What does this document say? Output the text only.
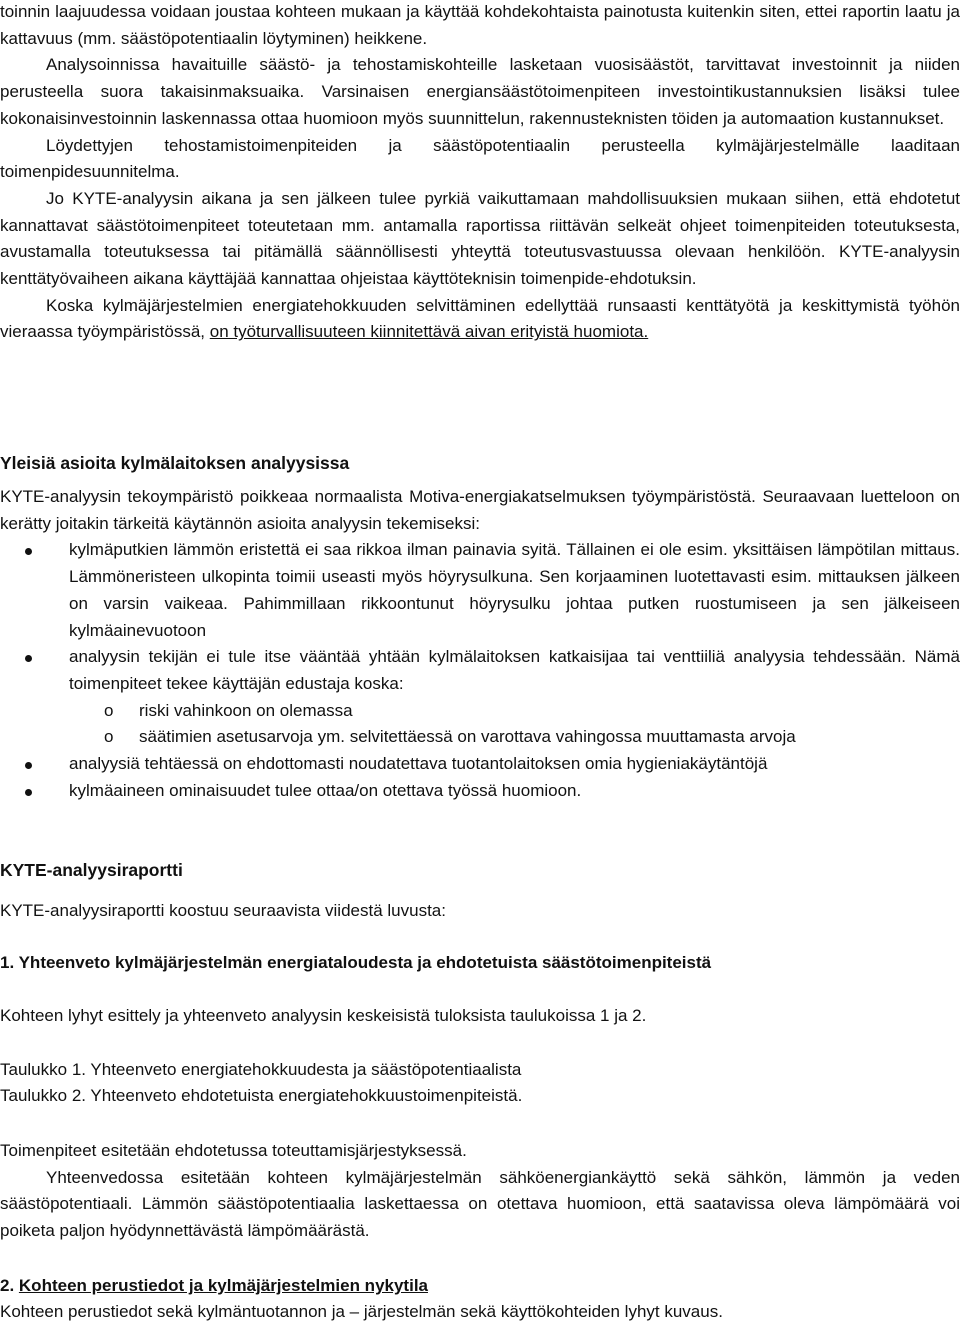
toinnin laajuudessa voidaan joustaa kohteen mukaan ja käyttää kohdekohtaista painotusta kuitenkin siten, ettei raportin laatu ja kattavuus (mm. säästöpotentiaalin löytyminen) heikkene.

Analysoinnissa havaituille säästö- ja tehostamiskohteille lasketaan vuosisäästöt, tarvittavat investoinnit ja niiden perusteella suora takaisinmaksuaika. Varsinaisen energiansäästötoimenpiteen investointikustannuksien lisäksi tulee kokonaisinvestoinnin laskennassa ottaa huomioon myös suunnittelun, rakennusteknisten töiden ja automaation kustannukset.

Löydettyjen tehostamistoimenpiteiden ja säästöpotentiaalin perusteella kylmäjärjestelmälle laaditaan toimenpidesuunnitelma.

Jo KYTE-analyysin aikana ja sen jälkeen tulee pyrkiä vaikuttamaan mahdollisuuksien mukaan siihen, että ehdotetut kannattavat säästötoimenpiteet toteutetaan mm. antamalla raportissa riittävän selkeät ohjeet toimenpiteiden toteutuksesta, avustamalla toteutuksessa tai pitämällä säännöllisesti yhteyttä toteutusvastuussa olevaan henkilöön. KYTE-analyysin kenttätyövaiheen aikana käyttäjää kannattaa ohjeistaa käyttöteknisin toimenpide-ehdotuksin.

Koska kylmäjärjestelmien energiatehokkuuden selvittäminen edellyttää runsaasti kenttätyötä ja keskittymistä työhön vieraassa työympäristössä, on työturvallisuuteen kiinnitettävä aivan erityistä huomiota.

Yleisiä asioita kylmälaitoksen analyysissa

KYTE-analyysin tekoympäristö poikkeaa normaalista Motiva-energiakatselmuksen työympäristöstä. Seuraavaan luetteloon on kerätty joitakin tärkeitä käytännön asioita analyysin tekemiseksi:

kylmäputkien lämmön eristettä ei saa rikkoa ilman painavia syitä. Tällainen ei ole esim. yksittäisen lämpötilan mittaus. Lämmöneristeen ulkopinta toimii useasti myös höyrysulkuna. Sen korjaaminen luotettavasti esim. mittauksen jälkeen on varsin vaikeaa. Pahimmillaan rikkoontunut höyrysulku johtaa putken ruostumiseen ja sen jälkeiseen kylmäainevuotoon
analyysin tekijän ei tule itse vääntää yhtään kylmälaitoksen katkaisijaa tai venttiiliä analyysia tehdessään. Nämä toimenpiteet tekee käyttäjän edustaja koska:
o riski vahinkoon on olemassa
o säätimien asetusarvoja ym. selvitettäessä on varottava vahingossa muuttamasta arvoja
analyysiä tehtäessä on ehdottomasti noudatettava tuotantolaitoksen omia hygieniakäytäntöjä
kylmäaineen ominaisuudet tulee ottaa/on otettava työssä huomioon.
KYTE-analyysiraportti

KYTE-analyysiraportti koostuu seuraavista viidestä luvusta:

1. Yhteenveto kylmäjärjestelmän energiataloudesta ja ehdotetuista säästötoimenpiteistä

Kohteen lyhyt esittely ja yhteenveto analyysin keskeisistä tuloksista taulukoissa 1 ja 2.

Taulukko 1. Yhteenveto energiatehokkuudesta ja säästöpotentiaalista

Taulukko 2. Yhteenveto ehdotetuista energiatehokkuustoimenpiteistä.

Toimenpiteet esitetään ehdotetussa toteuttamisjärjestyksessä.

Yhteenvedossa esitetään kohteen kylmäjärjestelmän sähköenergiankäyttö sekä sähkön, lämmön ja veden säästöpotentiaali. Lämmön säästöpotentiaalia laskettaessa on otettava huomioon, että saatavissa oleva lämpömäärä voi poiketa paljon hyödynnettävästä lämpömäärästä.

2. Kohteen perustiedot ja kylmäjärjestelmien nykytila

Kohteen perustiedot sekä kylmäntuotannon ja – järjestelmän sekä käyttökohteiden lyhyt kuvaus.
